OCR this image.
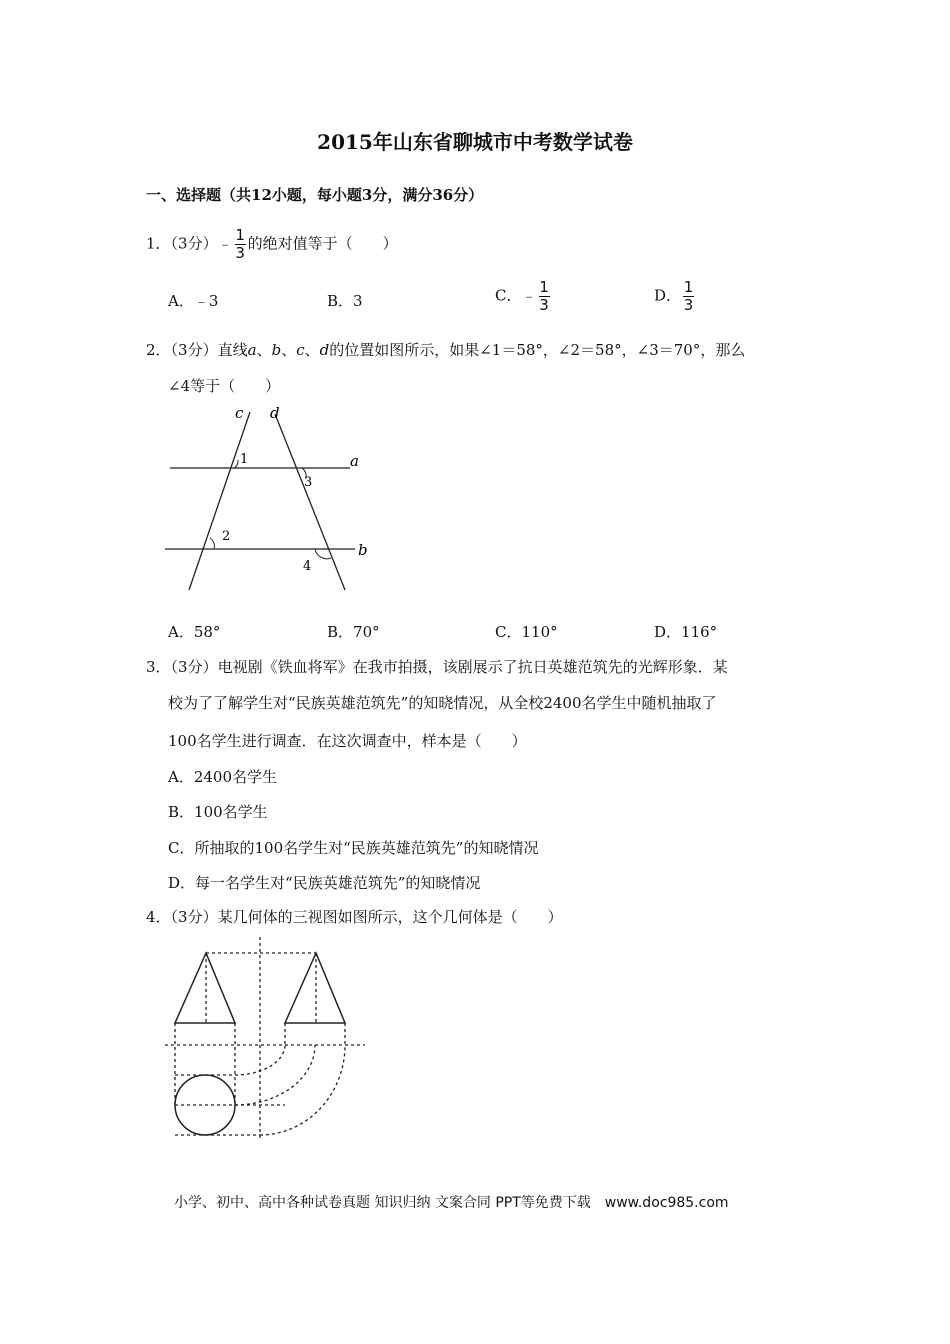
2015年山东省聊城市中考数学试卷
一、选择题（共12小题，每小题3分，满分36分）
1．（3分）﹣ $\frac{1}{3}$ 的绝对值等于（　　）
A．﹣3	B．3	C．﹣ $\frac{1}{3}$	D． $\frac{1}{3}$
2．（3分）直线a、b、c、d的位置如图所示，如果∠1＝58°，∠2＝58°，∠3＝70°，那么
∠4等于（　　）
c d
a
b
1
2
3
4
A．58°	B．70°	C．110°	D．116°
3．（3分）电视剧《铁血将军》在我市拍摄，该剧展示了抗日英雄范筑先的光辉形象．某
校为了了解学生对“民族英雄范筑先”的知晓情况，从全校2400名学生中随机抽取了
100名学生进行调查．在这次调查中，样本是（　　）
A．2400名学生
B．100名学生
C．所抽取的100名学生对“民族英雄范筑先”的知晓情况
D．每一名学生对“民族英雄范筑先”的知晓情况
4．（3分）某几何体的三视图如图所示，这个几何体是（　　）
小学、初中、高中各种试卷真题 知识归纳 文案合同 PPT等免费下载　www.doc985.com
